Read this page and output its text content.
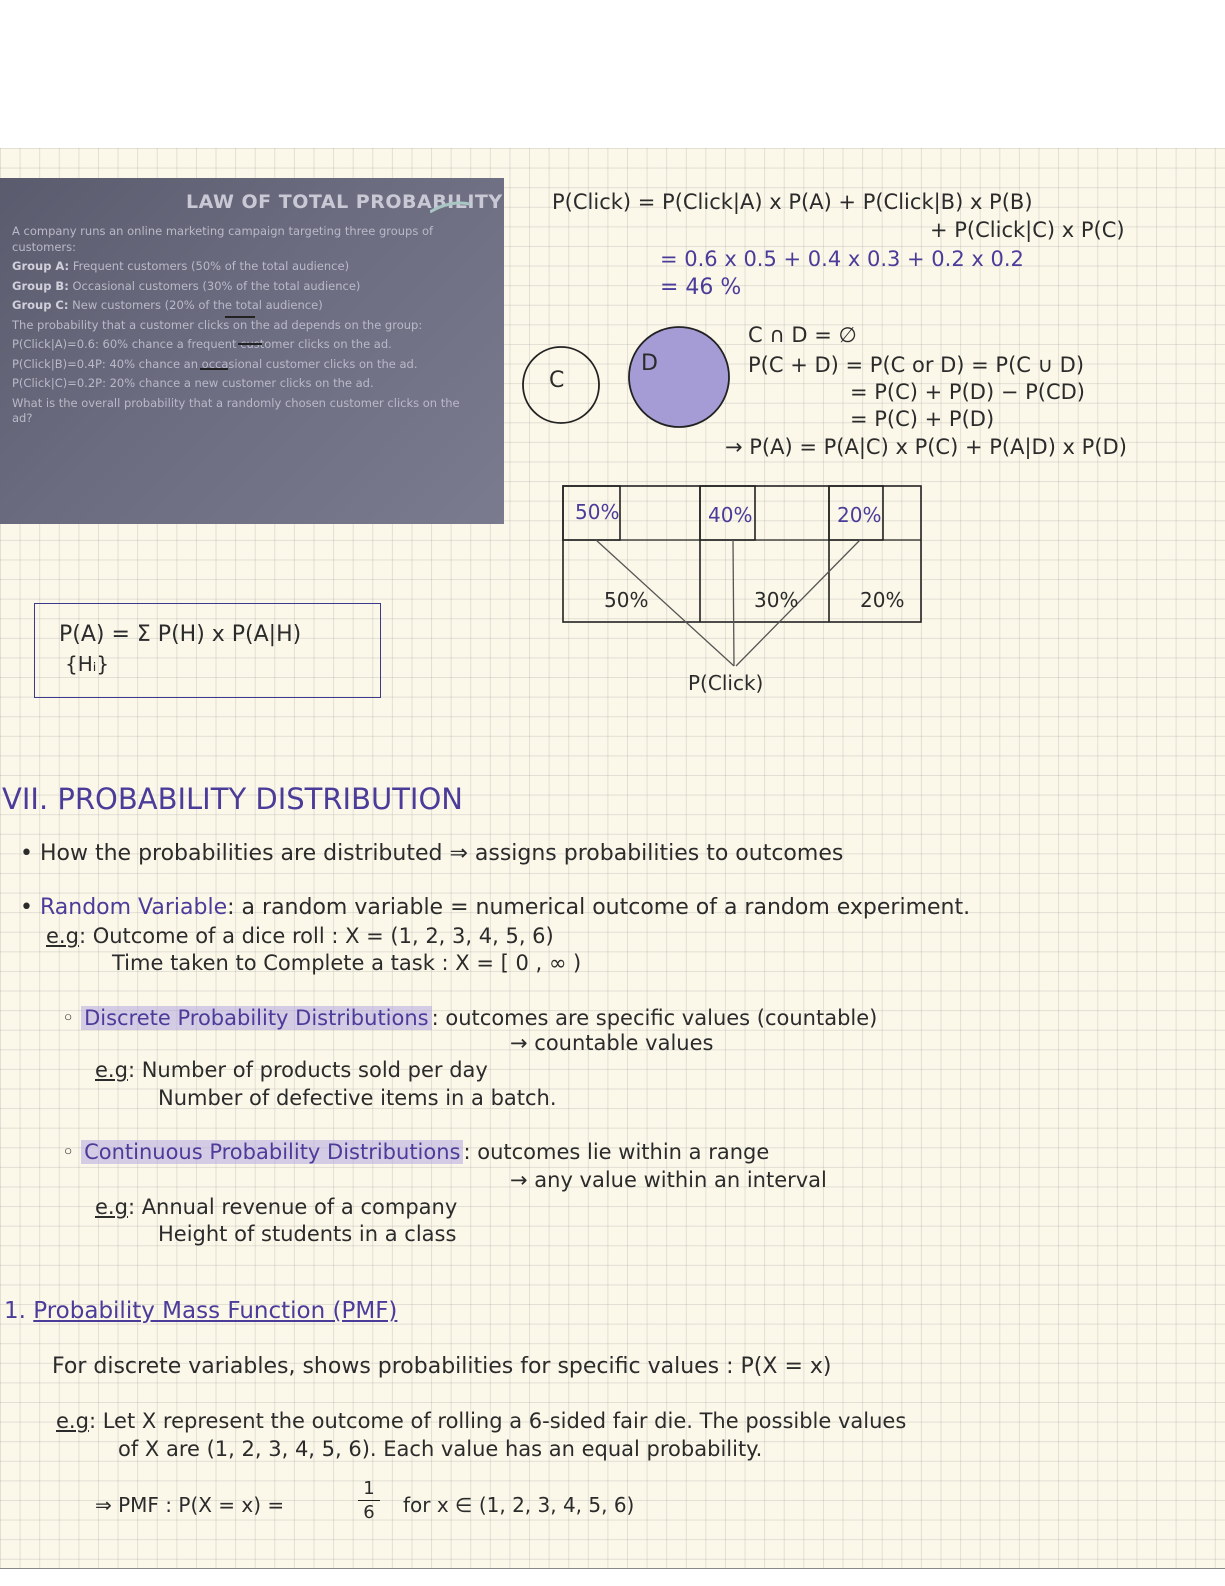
LAW OF TOTAL PROBABILITY

A company runs an online marketing campaign targeting three groups of customers:

Group A: Frequent customers (50% of the total audience)

Group B: Occasional customers (30% of the total audience)

Group C: New customers (20% of the total audience)

The probability that a customer clicks on the ad depends on the group:

P(Click|A)=0.6: 60% chance a frequent customer clicks on the ad.

P(Click|B)=0.4P: 40% chance an occasional customer clicks on the ad.

P(Click|C)=0.2P: 20% chance a new customer clicks on the ad.

What is the overall probability that a randomly chosen customer clicks on the ad?

P(Click) = P(Click|A) x P(A) + P(Click|B) x P(B)
+ P(Click|C) x P(C)
= 0.6 x 0.5 + 0.4 x 0.3 + 0.2 x 0.2
= 46 %
C
D
C ∩ D = ∅
P(C + D) = P(C or D) = P(C ∪ D)
= P(C) + P(D) − P(CD)
= P(C) + P(D)
→ P(A) = P(A|C) x P(C) + P(A|D) x P(D)
50%	40%	20%
50%	30%	20%
P(Click)
P(A) = Σ P(H) x P(A|H)
{Hᵢ}
VII. PROBABILITY DISTRIBUTION
• How the probabilities are distributed ⇒ assigns probabilities to outcomes
• Random Variable: a random variable = numerical outcome of a random experiment.
e.g: Outcome of a dice roll : X = (1, 2, 3, 4, 5, 6)
Time taken to Complete a task : X = [ 0 , ∞ )
◦ Discrete Probability Distributions : outcomes are specific values (countable)
→ countable values
e.g: Number of products sold per day
Number of defective items in a batch.
◦ Continuous Probability Distributions : outcomes lie within a range
→ any value within an interval
e.g: Annual revenue of a company
Height of students in a class
1. Probability Mass Function (PMF)
For discrete variables, shows probabilities for specific values : P(X = x)
e.g: Let X represent the outcome of rolling a 6-sided fair die. The possible values
of X are (1, 2, 3, 4, 5, 6). Each value has an equal probability.
⇒ PMF : P(X = x) =	$\frac{1}{6}$ for x ∈ (1, 2, 3, 4, 5, 6)
